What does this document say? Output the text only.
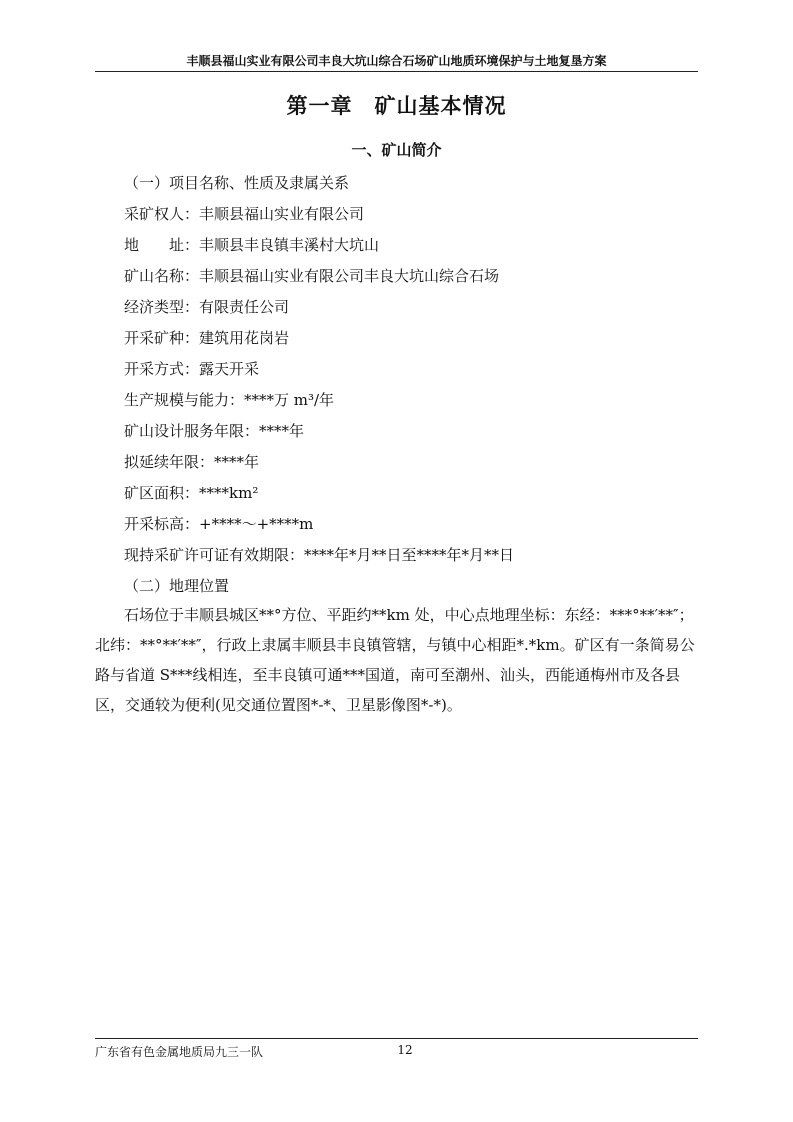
丰顺县福山实业有限公司丰良大坑山综合石场矿山地质环境保护与土地复垦方案
第一章　矿山基本情况
一、矿山简介
（一）项目名称、性质及隶属关系
采矿权人：丰顺县福山实业有限公司
地　　址：丰顺县丰良镇丰溪村大坑山
矿山名称：丰顺县福山实业有限公司丰良大坑山综合石场
经济类型：有限责任公司
开采矿种：建筑用花岗岩
开采方式：露天开采
生产规模与能力：****万 m³/年
矿山设计服务年限：****年
拟延续年限：****年
矿区面积：****km²
开采标高：+****～+****m
现持采矿许可证有效期限：****年*月**日至****年*月**日
（二）地理位置

石场位于丰顺县城区**°方位、平距约**km 处，中心点地理坐标：东经：***°**′**″；北纬：**°**′**″，行政上隶属丰顺县丰良镇管辖，与镇中心相距*.*km。矿区有一条简易公路与省道 S***线相连，至丰良镇可通***国道，南可至潮州、汕头，西能通梅州市及各县区，交通较为便利(见交通位置图*-*、卫星影像图*-*)。

广东省有色金属地质局九三一队	12
